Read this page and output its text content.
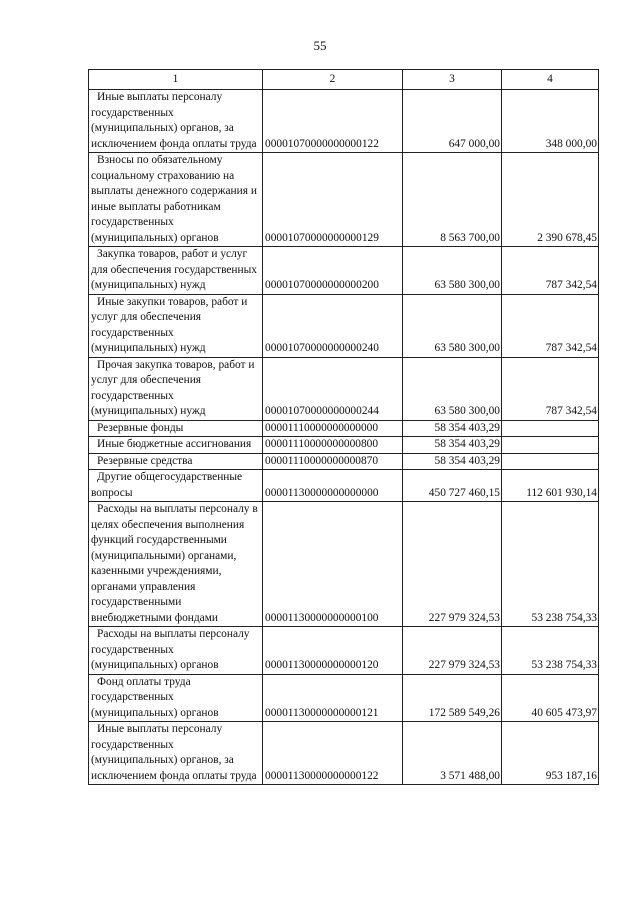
55
1	2	3	4
Иные выплаты персоналу государственных (муниципальных) органов, за исключением фонда оплаты труда	00001070000000000122	647 000,00	348 000,00
Взносы по обязательному социальному страхованию на выплаты денежного содержания и иные выплаты работникам государственных (муниципальных) органов	00001070000000000129	8 563 700,00	2 390 678,45
Закупка товаров, работ и услуг для обеспечения государственных (муниципальных) нужд	00001070000000000200	63 580 300,00	787 342,54
Иные закупки товаров, работ и услуг для обеспечения государственных (муниципальных) нужд	00001070000000000240	63 580 300,00	787 342,54
Прочая закупка товаров, работ и услуг для обеспечения государственных (муниципальных) нужд	00001070000000000244	63 580 300,00	787 342,54
Резервные фонды	00001110000000000000	58 354 403,29	
Иные бюджетные ассигнования	00001110000000000800	58 354 403,29	
Резервные средства	00001110000000000870	58 354 403,29	
Другие общегосударственные вопросы	00001130000000000000	450 727 460,15	112 601 930,14
Расходы на выплаты персоналу в целях обеспечения выполнения функций государственными (муниципальными) органами, казенными учреждениями, органами управления государственными внебюджетными фондами	00001130000000000100	227 979 324,53	53 238 754,33
Расходы на выплаты персоналу государственных (муниципальных) органов	00001130000000000120	227 979 324,53	53 238 754,33
Фонд оплаты труда государственных (муниципальных) органов	00001130000000000121	172 589 549,26	40 605 473,97
Иные выплаты персоналу государственных (муниципальных) органов, за исключением фонда оплаты труда	00001130000000000122	3 571 488,00	953 187,16
